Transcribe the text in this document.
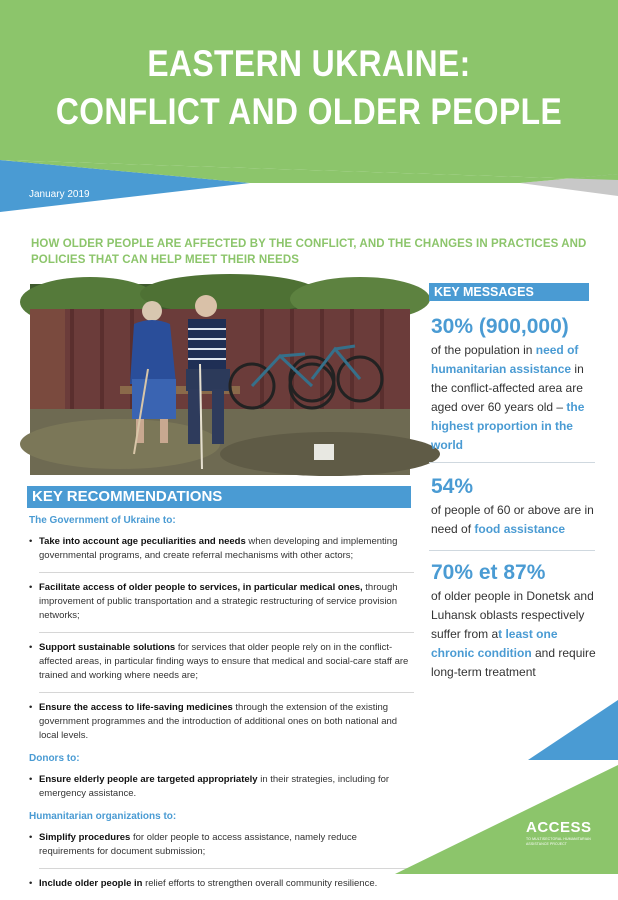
EASTERN UKRAINE:
CONFLICT AND OLDER PEOPLE
January 2019
HOW OLDER PEOPLE ARE AFFECTED BY THE CONFLICT, AND THE CHANGES IN PRACTICES AND POLICIES THAT CAN HELP MEET THEIR NEEDS
KEY RECOMMENDATIONS
The Government of Ukraine to:
• Take into account age peculiarities and needs when developing and implementing governmental programs, and create referral mechanisms with other actors;
• Facilitate access of older people to services, in particular medical ones, through improvement of public transportation and a strategic restructuring of service provision networks;
• Support sustainable solutions for services that older people rely on in the conflict-affected areas, in particular finding ways to ensure that medical and social-care staff are trained and working where needs are;
• Ensure the access to life-saving medicines through the extension of the existing government programmes and the introduction of additional ones on both national and local levels.
Donors to:
• Ensure elderly people are targeted appropriately in their strategies, including for emergency assistance.
Humanitarian organizations to:
• Simplify procedures for older people to access assistance, namely reduce requirements for document submission;
• Include older people in relief efforts to strengthen overall community resilience.
KEY MESSAGES
30% (900,000)
of the population in need of humanitarian assistance in the conflict-affected area are aged over 60 years old – the highest proportion in the world
54%
of people of 60 or above are in need of food assistance
70% et 87%
of older people in Donetsk and Luhansk oblasts respectively suffer from at least one chronic condition and require long-term treatment
ACCESS
TO MULTISECTORAL HUMANITARIAN
ASSISTANCE PROJECT
